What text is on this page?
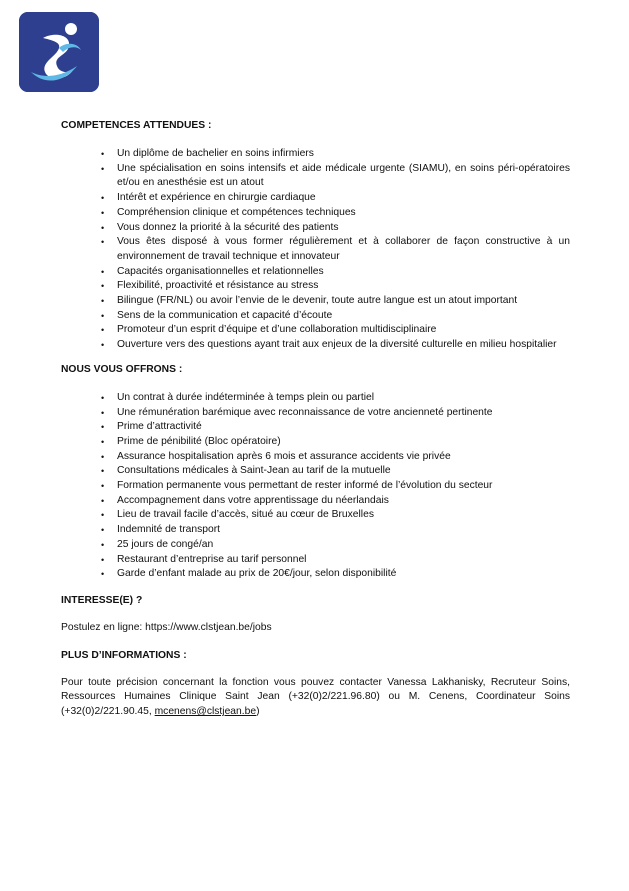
COMPETENCES ATTENDUES :

•	Un diplôme de bachelier en soins infirmiers
•	Une spécialisation en soins intensifs et aide médicale urgente (SIAMU), en soins péri-opératoires et/ou en anesthésie est un atout
•	Intérêt et expérience en chirurgie cardiaque
•	Compréhension clinique et compétences techniques
•	Vous donnez la priorité à la sécurité des patients
•	Vous êtes disposé à vous former régulièrement et à collaborer de façon constructive à un environnement de travail technique et innovateur
•	Capacités organisationnelles et relationnelles
•	Flexibilité, proactivité et résistance au stress
•	Bilingue (FR/NL) ou avoir l’envie de le devenir, toute autre langue est un atout important
•	Sens de la communication et capacité d’écoute
•	Promoteur d’un esprit d’équipe et d’une collaboration multidisciplinaire
•	Ouverture vers des questions ayant trait aux enjeux de la diversité culturelle en milieu hospitalier

NOUS VOUS OFFRONS :

•	Un contrat à durée indéterminée à temps plein ou partiel
•	Une rémunération barémique avec reconnaissance de votre ancienneté pertinente
•	Prime d’attractivité
•	Prime de pénibilité (Bloc opératoire)
•	Assurance hospitalisation après 6 mois et assurance accidents vie privée
•	Consultations médicales à Saint-Jean au tarif de la mutuelle
•	Formation permanente vous permettant de rester informé de l’évolution du secteur
•	Accompagnement dans votre apprentissage du néerlandais
•	Lieu de travail facile d’accès, situé au cœur de Bruxelles
•	Indemnité de transport
•	25 jours de congé/an
•	Restaurant d’entreprise au tarif personnel
•	Garde d’enfant malade au prix de 20€/jour, selon disponibilité

INTERESSE(E) ?

Postulez en ligne: https://www.clstjean.be/jobs

PLUS D’INFORMATIONS :

Pour toute précision concernant la fonction vous pouvez contacter Vanessa Lakhanisky, Recruteur Soins, Ressources Humaines Clinique Saint Jean (+32(0)2/221.96.80) ou M. Cenens, Coordinateur Soins (+32(0)2/221.90.45, mcenens@clstjean.be)
